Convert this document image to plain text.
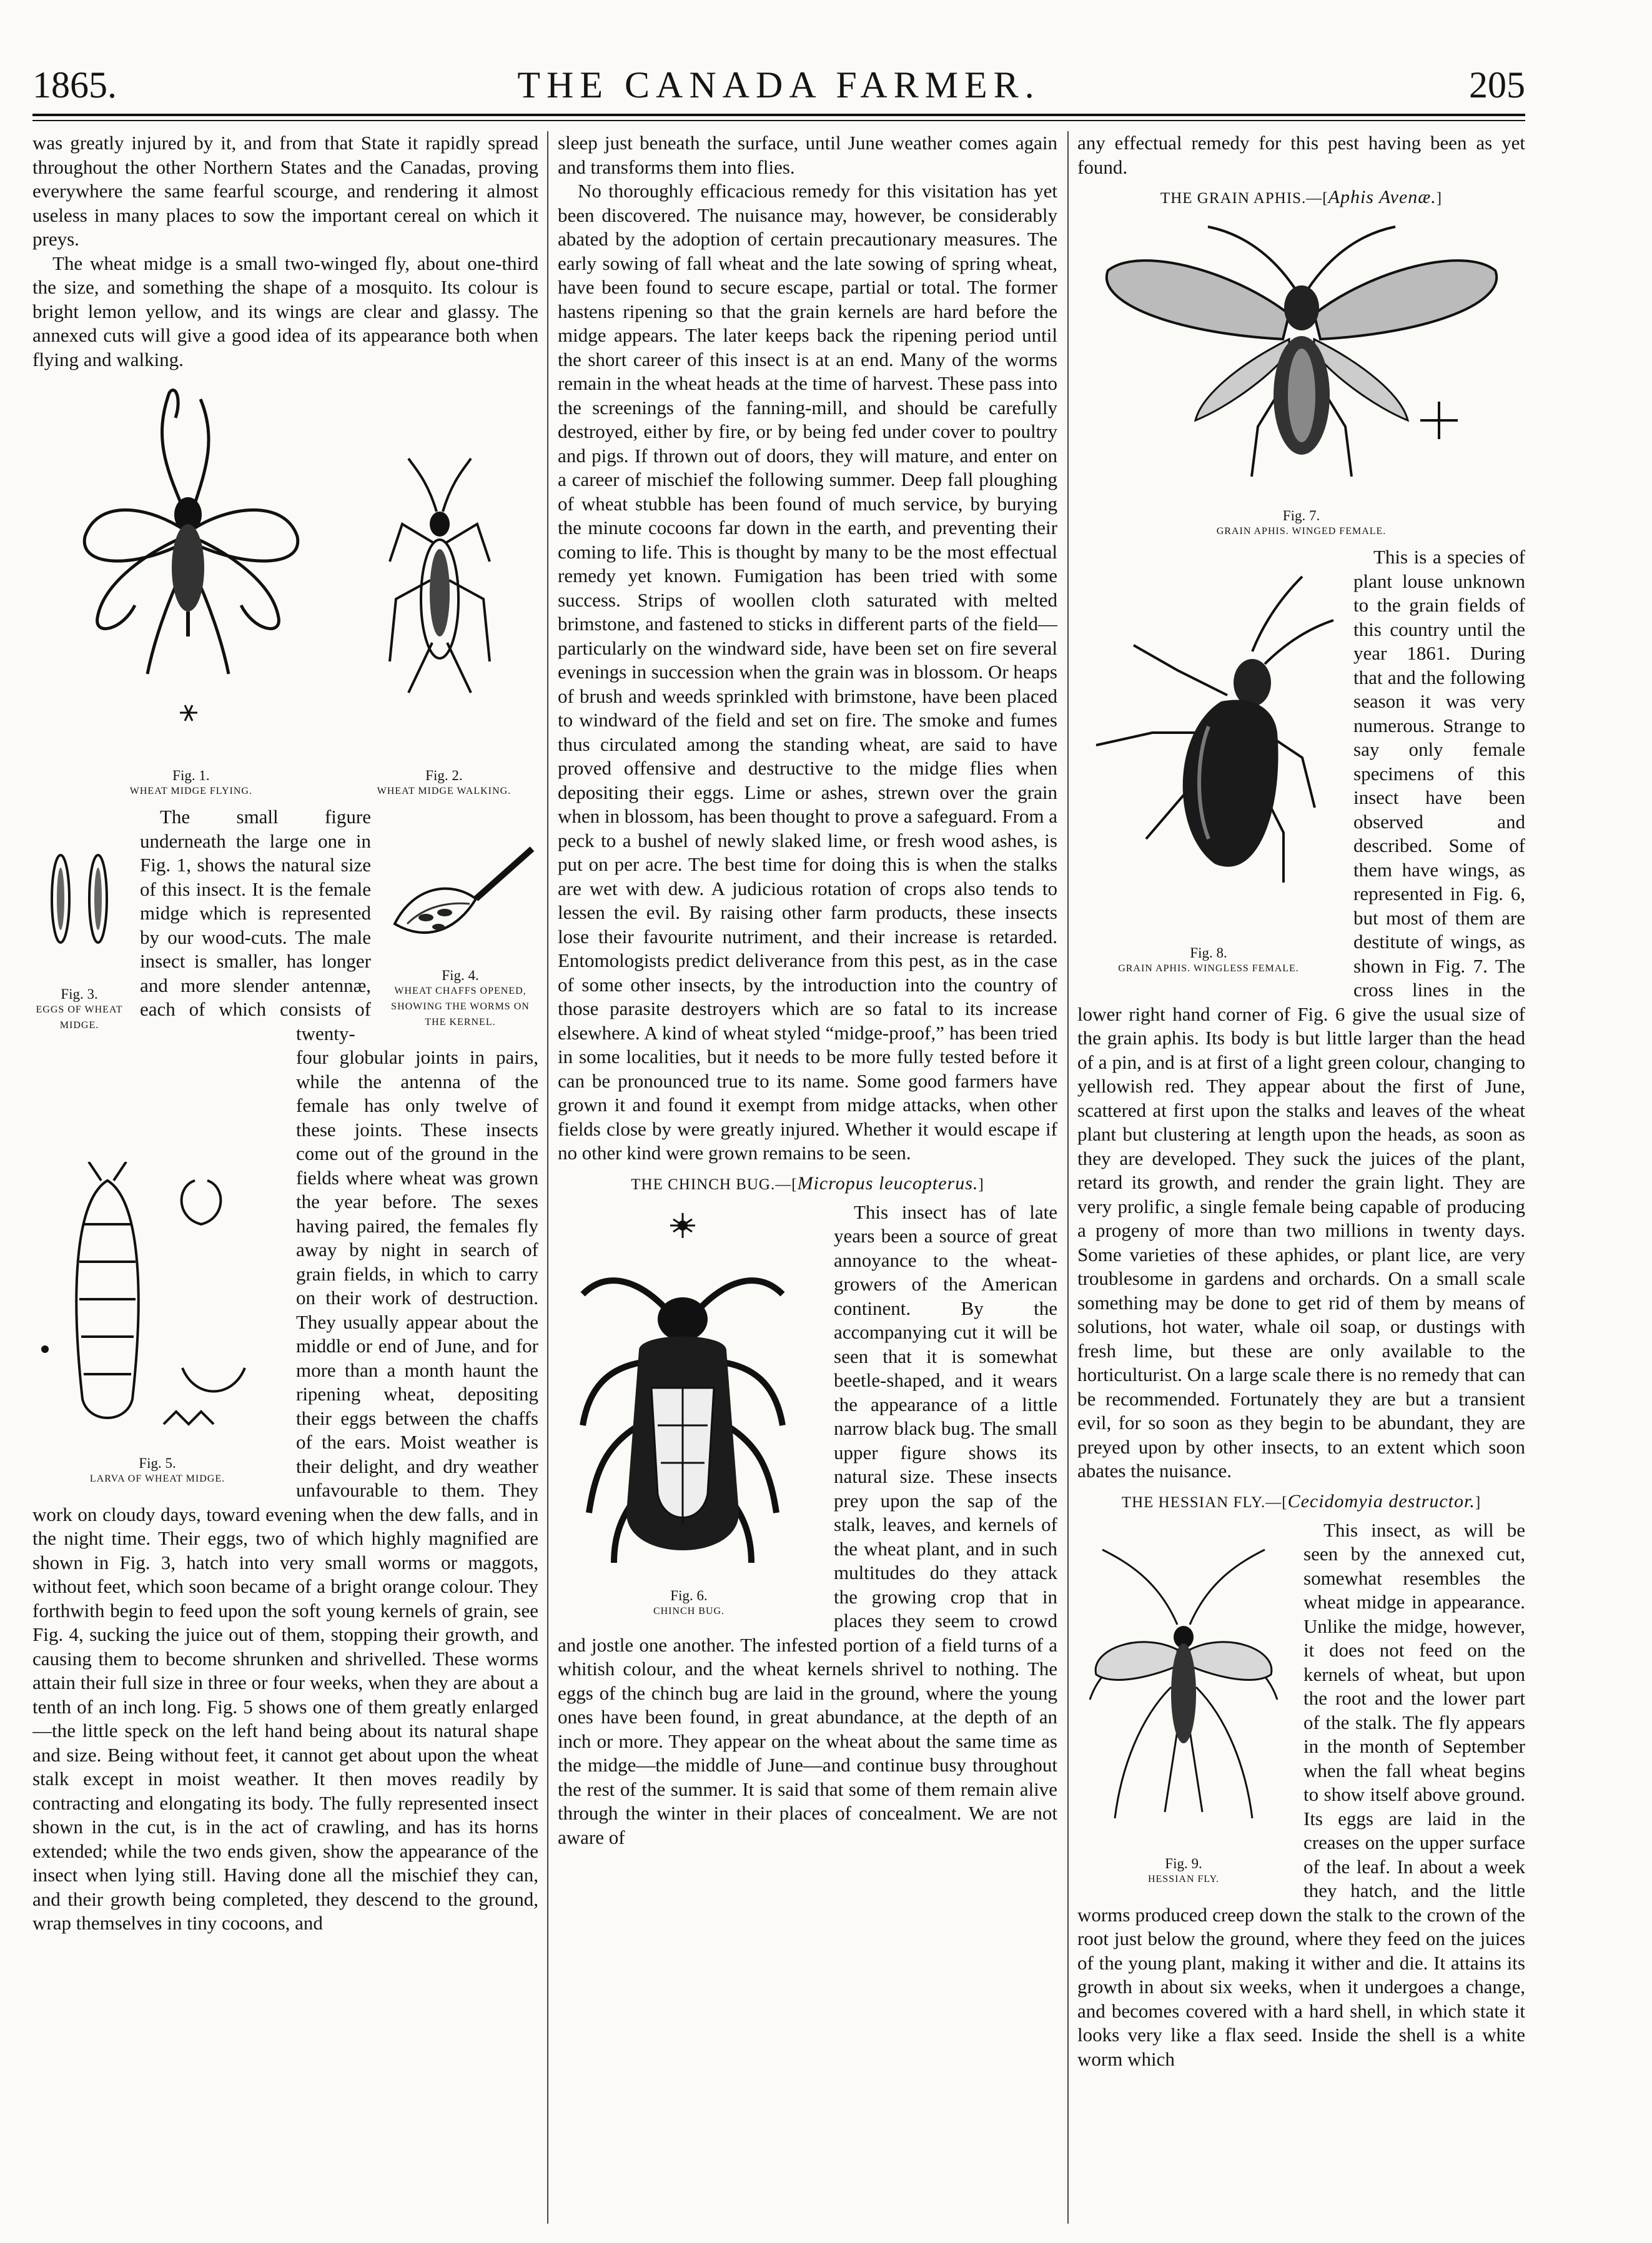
1865.	THE CANADA FARMER.	205

was greatly injured by it, and from that State it rapidly spread throughout the other Northern States and the Canadas, proving everywhere the same fearful scourge, and rendering it almost useless in many places to sow the important cereal on which it preys.

The wheat midge is a small two-winged fly, about one-third the size, and something the shape of a mosquito. Its colour is bright lemon yellow, and its wings are clear and glassy. The annexed cuts will give a good idea of its appearance both when flying and walking.

Fig. 1.
WHEAT MIDGE FLYING.
Fig. 2.
WHEAT MIDGE WALKING.
Fig. 3.
EGGS OF WHEAT MIDGE.
Fig. 4.
WHEAT CHAFFS OPENED, SHOWING THE WORMS ON THE KERNEL.
Fig. 5.
LARVA OF WHEAT MIDGE.

The small figure underneath the large one in Fig. 1, shows the natural size of this insect. It is the female midge which is represented by our wood-cuts. The male insect is smaller, has longer and more slender antennæ, each of which consists of twenty-four globular joints in pairs, while the antenna of the female has only twelve of these joints. These insects come out of the ground in the fields where wheat was grown the year before. The sexes having paired, the females fly away by night in search of grain fields, in which to carry on their work of destruction. They usually appear about the middle or end of June, and for more than a month haunt the ripening wheat, depositing their eggs between the chaffs of the ears. Moist weather is their delight, and dry weather unfavourable to them. They work on cloudy days, toward evening when the dew falls, and in the night time. Their eggs, two of which highly magnified are shown in Fig. 3, hatch into very small worms or maggots, without feet, which soon became of a bright orange colour. They forthwith begin to feed upon the soft young kernels of grain, see Fig. 4, sucking the juice out of them, stopping their growth, and causing them to become shrunken and shrivelled. These worms attain their full size in three or four weeks, when they are about a tenth of an inch long. Fig. 5 shows one of them greatly enlarged—the little speck on the left hand being about its natural shape and size. Being without feet, it cannot get about upon the wheat stalk except in moist weather. It then moves readily by contracting and elongating its body. The fully represented insect shown in the cut, is in the act of crawling, and has its horns extended; while the two ends given, show the appearance of the insect when lying still. Having done all the mischief they can, and their growth being completed, they descend to the ground, wrap themselves in tiny cocoons, and

sleep just beneath the surface, until June weather comes again and transforms them into flies.

No thoroughly efficacious remedy for this visitation has yet been discovered. The nuisance may, however, be considerably abated by the adoption of certain precautionary measures. The early sowing of fall wheat and the late sowing of spring wheat, have been found to secure escape, partial or total. The former hastens ripening so that the grain kernels are hard before the midge appears. The later keeps back the ripening period until the short career of this insect is at an end. Many of the worms remain in the wheat heads at the time of harvest. These pass into the screenings of the fanning-mill, and should be carefully destroyed, either by fire, or by being fed under cover to poultry and pigs. If thrown out of doors, they will mature, and enter on a career of mischief the following summer. Deep fall ploughing of wheat stubble has been found of much service, by burying the minute cocoons far down in the earth, and preventing their coming to life. This is thought by many to be the most effectual remedy yet known. Fumigation has been tried with some success. Strips of woollen cloth saturated with melted brimstone, and fastened to sticks in different parts of the field—particularly on the windward side, have been set on fire several evenings in succession when the grain was in blossom. Or heaps of brush and weeds sprinkled with brimstone, have been placed to windward of the field and set on fire. The smoke and fumes thus circulated among the standing wheat, are said to have proved offensive and destructive to the midge flies when depositing their eggs. Lime or ashes, strewn over the grain when in blossom, has been thought to prove a safeguard. From a peck to a bushel of newly slaked lime, or fresh wood ashes, is put on per acre. The best time for doing this is when the stalks are wet with dew. A judicious rotation of crops also tends to lessen the evil. By raising other farm products, these insects lose their favourite nutriment, and their increase is retarded. Entomologists predict deliverance from this pest, as in the case of some other insects, by the introduction into the country of those parasite destroyers which are so fatal to its increase elsewhere. A kind of wheat styled “midge-proof,” has been tried in some localities, but it needs to be more fully tested before it can be pronounced true to its name. Some good farmers have grown it and found it exempt from midge attacks, when other fields close by were greatly injured. Whether it would escape if no other kind were grown remains to be seen.

THE CHINCH BUG.—[Micropus leucopterus.]

Fig. 6.
CHINCH BUG.

This insect has of late years been a source of great annoyance to the wheat-growers of the American continent. By the accompanying cut it will be seen that it is somewhat beetle-shaped, and it wears the appearance of a little narrow black bug. The small upper figure shows its natural size. These insects prey upon the sap of the stalk, leaves, and kernels of the wheat plant, and in such multitudes do they attack the growing crop that in places they seem to crowd and jostle one another. The infested portion of a field turns of a whitish colour, and the wheat kernels shrivel to nothing. The eggs of the chinch bug are laid in the ground, where the young ones have been found, in great abundance, at the depth of an inch or more. They appear on the wheat about the same time as the midge—the middle of June—and continue busy throughout the rest of the summer. It is said that some of them remain alive through the winter in their places of concealment. We are not aware of

any effectual remedy for this pest having been as yet found.

THE GRAIN APHIS.—[Aphis Avenæ.]
Fig. 7.
GRAIN APHIS. WINGED FEMALE.
Fig. 8.
GRAIN APHIS. WINGLESS FEMALE.

This is a species of plant louse unknown to the grain fields of this country until the year 1861. During that and the following season it was very numerous. Strange to say only female specimens of this insect have been observed and described. Some of them have wings, as represented in Fig. 6, but most of them are destitute of wings, as shown in Fig. 7. The cross lines in the lower right hand corner of Fig. 6 give the usual size of the grain aphis. Its body is but little larger than the head of a pin, and is at first of a light green colour, changing to yellowish red. They appear about the first of June, scattered at first upon the stalks and leaves of the wheat plant but clustering at length upon the heads, as soon as they are developed. They suck the juices of the plant, retard its growth, and render the grain light. They are very prolific, a single female being capable of producing a progeny of more than two millions in twenty days. Some varieties of these aphides, or plant lice, are very troublesome in gardens and orchards. On a small scale something may be done to get rid of them by means of solutions, hot water, whale oil soap, or dustings with fresh lime, but these are only available to the horticulturist. On a large scale there is no remedy that can be recommended. Fortunately they are but a transient evil, for so soon as they begin to be abundant, they are preyed upon by other insects, to an extent which soon abates the nuisance.

THE HESSIAN FLY.—[Cecidomyia destructor.]
Fig. 9.
HESSIAN FLY.

This insect, as will be seen by the annexed cut, somewhat resembles the wheat midge in appearance. Unlike the midge, however, it does not feed on the kernels of wheat, but upon the root and the lower part of the stalk. The fly appears in the month of September when the fall wheat begins to show itself above ground. Its eggs are laid in the creases on the upper surface of the leaf. In about a week they hatch, and the little worms produced creep down the stalk to the crown of the root just below the ground, where they feed on the juices of the young plant, making it wither and die. It attains its growth in about six weeks, when it undergoes a change, and becomes covered with a hard shell, in which state it looks very like a flax seed. Inside the shell is a white worm which
